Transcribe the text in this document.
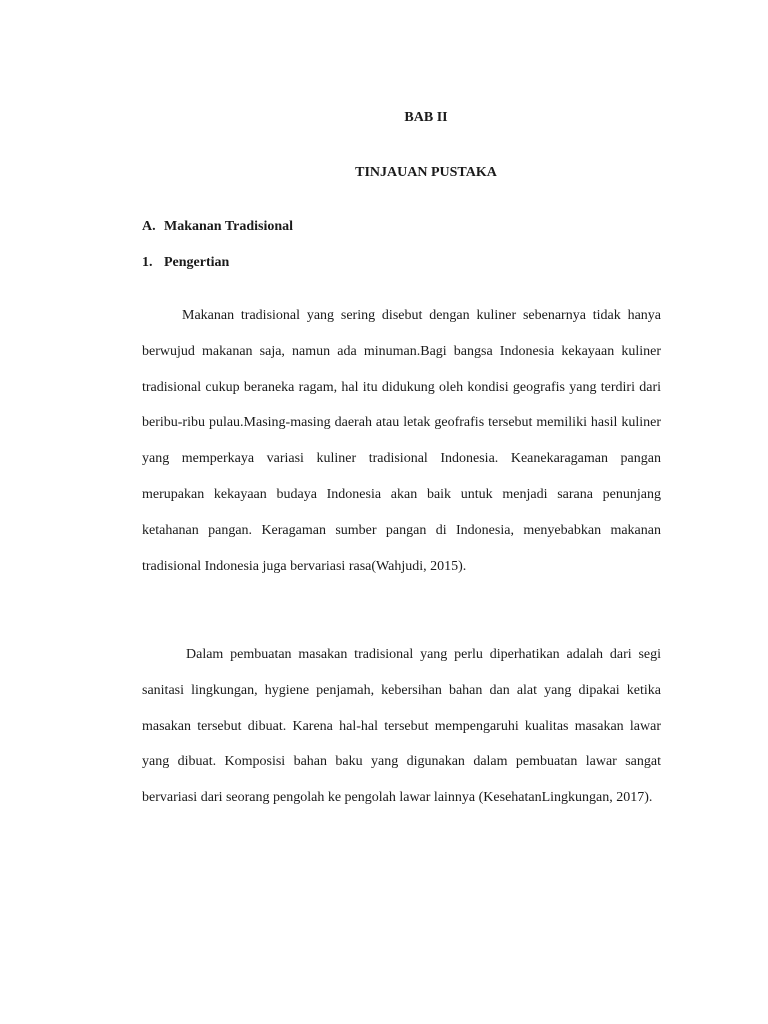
BAB II
TINJAUAN PUSTAKA
A. Makanan Tradisional
1. Pengertian

Makanan tradisional yang sering disebut dengan kuliner sebenarnya tidak hanya berwujud makanan saja, namun ada minuman.Bagi bangsa Indonesia kekayaan kuliner tradisional cukup beraneka ragam, hal itu didukung oleh kondisi geografis yang terdiri dari beribu-ribu pulau.Masing-masing daerah atau letak geofrafis tersebut memiliki hasil kuliner yang memperkaya variasi kuliner tradisional Indonesia. Keanekaragaman pangan merupakan kekayaan budaya Indonesia akan baik untuk menjadi sarana penunjang ketahanan pangan. Keragaman sumber pangan di Indonesia, menyebabkan makanan tradisional Indonesia juga bervariasi rasa(Wahjudi, 2015).

Dalam pembuatan masakan tradisional yang perlu diperhatikan adalah dari segi sanitasi lingkungan, hygiene penjamah, kebersihan bahan dan alat yang dipakai ketika masakan tersebut dibuat. Karena hal-hal tersebut mempengaruhi kualitas masakan lawar yang dibuat. Komposisi bahan baku yang digunakan dalam pembuatan lawar sangat bervariasi dari seorang pengolah ke pengolah lawar lainnya (KesehatanLingkungan, 2017).
